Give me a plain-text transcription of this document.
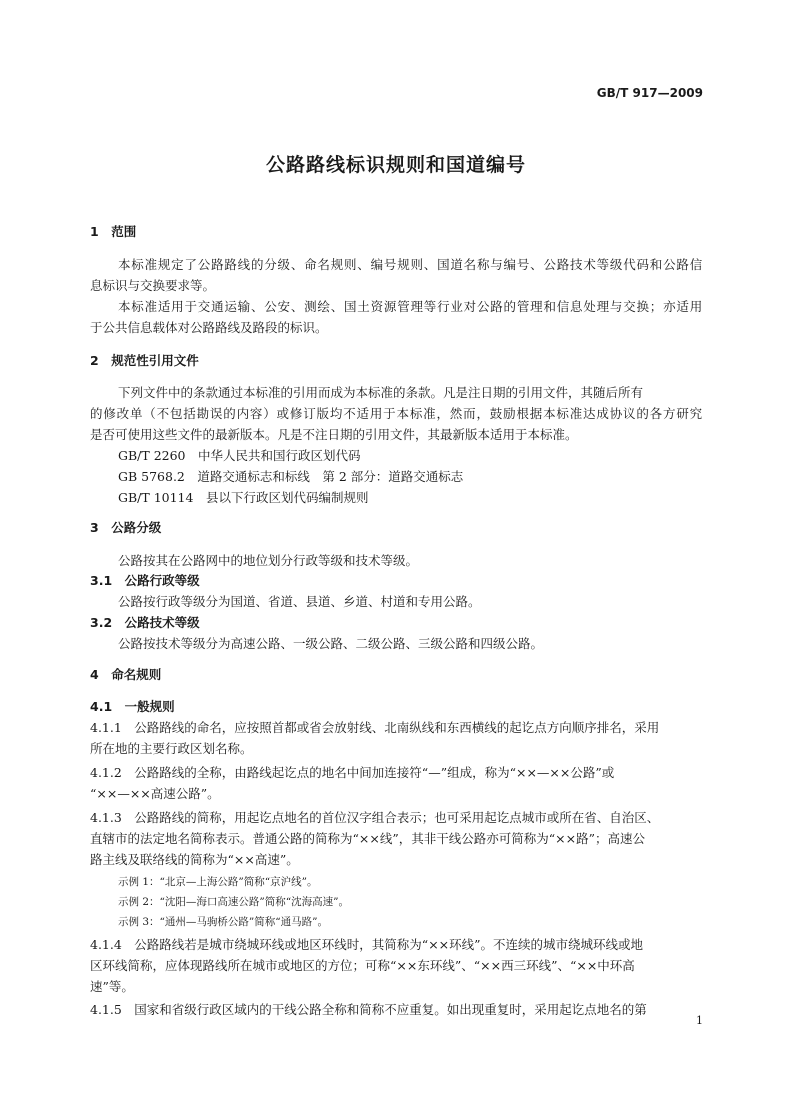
GB/T 917—2009
公路路线标识规则和国道编号
1　范围
本标准规定了公路路线的分级、命名规则、编号规则、国道名称与编号、公路技术等级代码和公路信
息标识与交换要求等。
本标准适用于交通运输、公安、测绘、国土资源管理等行业对公路的管理和信息处理与交换；亦适用
于公共信息载体对公路路线及路段的标识。
2　规范性引用文件
下列文件中的条款通过本标准的引用而成为本标准的条款。凡是注日期的引用文件，其随后所有
的修改单（不包括勘误的内容）或修订版均不适用于本标准，然而，鼓励根据本标准达成协议的各方研究
是否可使用这些文件的最新版本。凡是不注日期的引用文件，其最新版本适用于本标准。
GB/T 2260　中华人民共和国行政区划代码
GB 5768.2　道路交通标志和标线　第 2 部分：道路交通标志
GB/T 10114　县以下行政区划代码编制规则
3　公路分级
公路按其在公路网中的地位划分行政等级和技术等级。
3.1　公路行政等级
公路按行政等级分为国道、省道、县道、乡道、村道和专用公路。
3.2　公路技术等级
公路按技术等级分为高速公路、一级公路、二级公路、三级公路和四级公路。
4　命名规则
4.1　一般规则
4.1.1　公路路线的命名，应按照首都或省会放射线、北南纵线和东西横线的起讫点方向顺序排名，采用
所在地的主要行政区划名称。
4.1.2　公路路线的全称，由路线起讫点的地名中间加连接符“—”组成，称为“××—××公路”或
“××—××高速公路”。
4.1.3　公路路线的简称，用起讫点地名的首位汉字组合表示；也可采用起讫点城市或所在省、自治区、
直辖市的法定地名简称表示。普通公路的简称为“××线”，其非干线公路亦可简称为“××路”；高速公
路主线及联络线的简称为“××高速”。
示例 1：“北京—上海公路”简称“京沪线”。
示例 2：“沈阳—海口高速公路”简称“沈海高速”。
示例 3：“通州—马驹桥公路”简称“通马路”。
4.1.4　公路路线若是城市绕城环线或地区环线时，其简称为“××环线”。不连续的城市绕城环线或地
区环线简称，应体现路线所在城市或地区的方位；可称“××东环线”、“××西三环线”、“××中环高
速”等。
4.1.5　国家和省级行政区域内的干线公路全称和简称不应重复。如出现重复时，采用起讫点地名的第
1
